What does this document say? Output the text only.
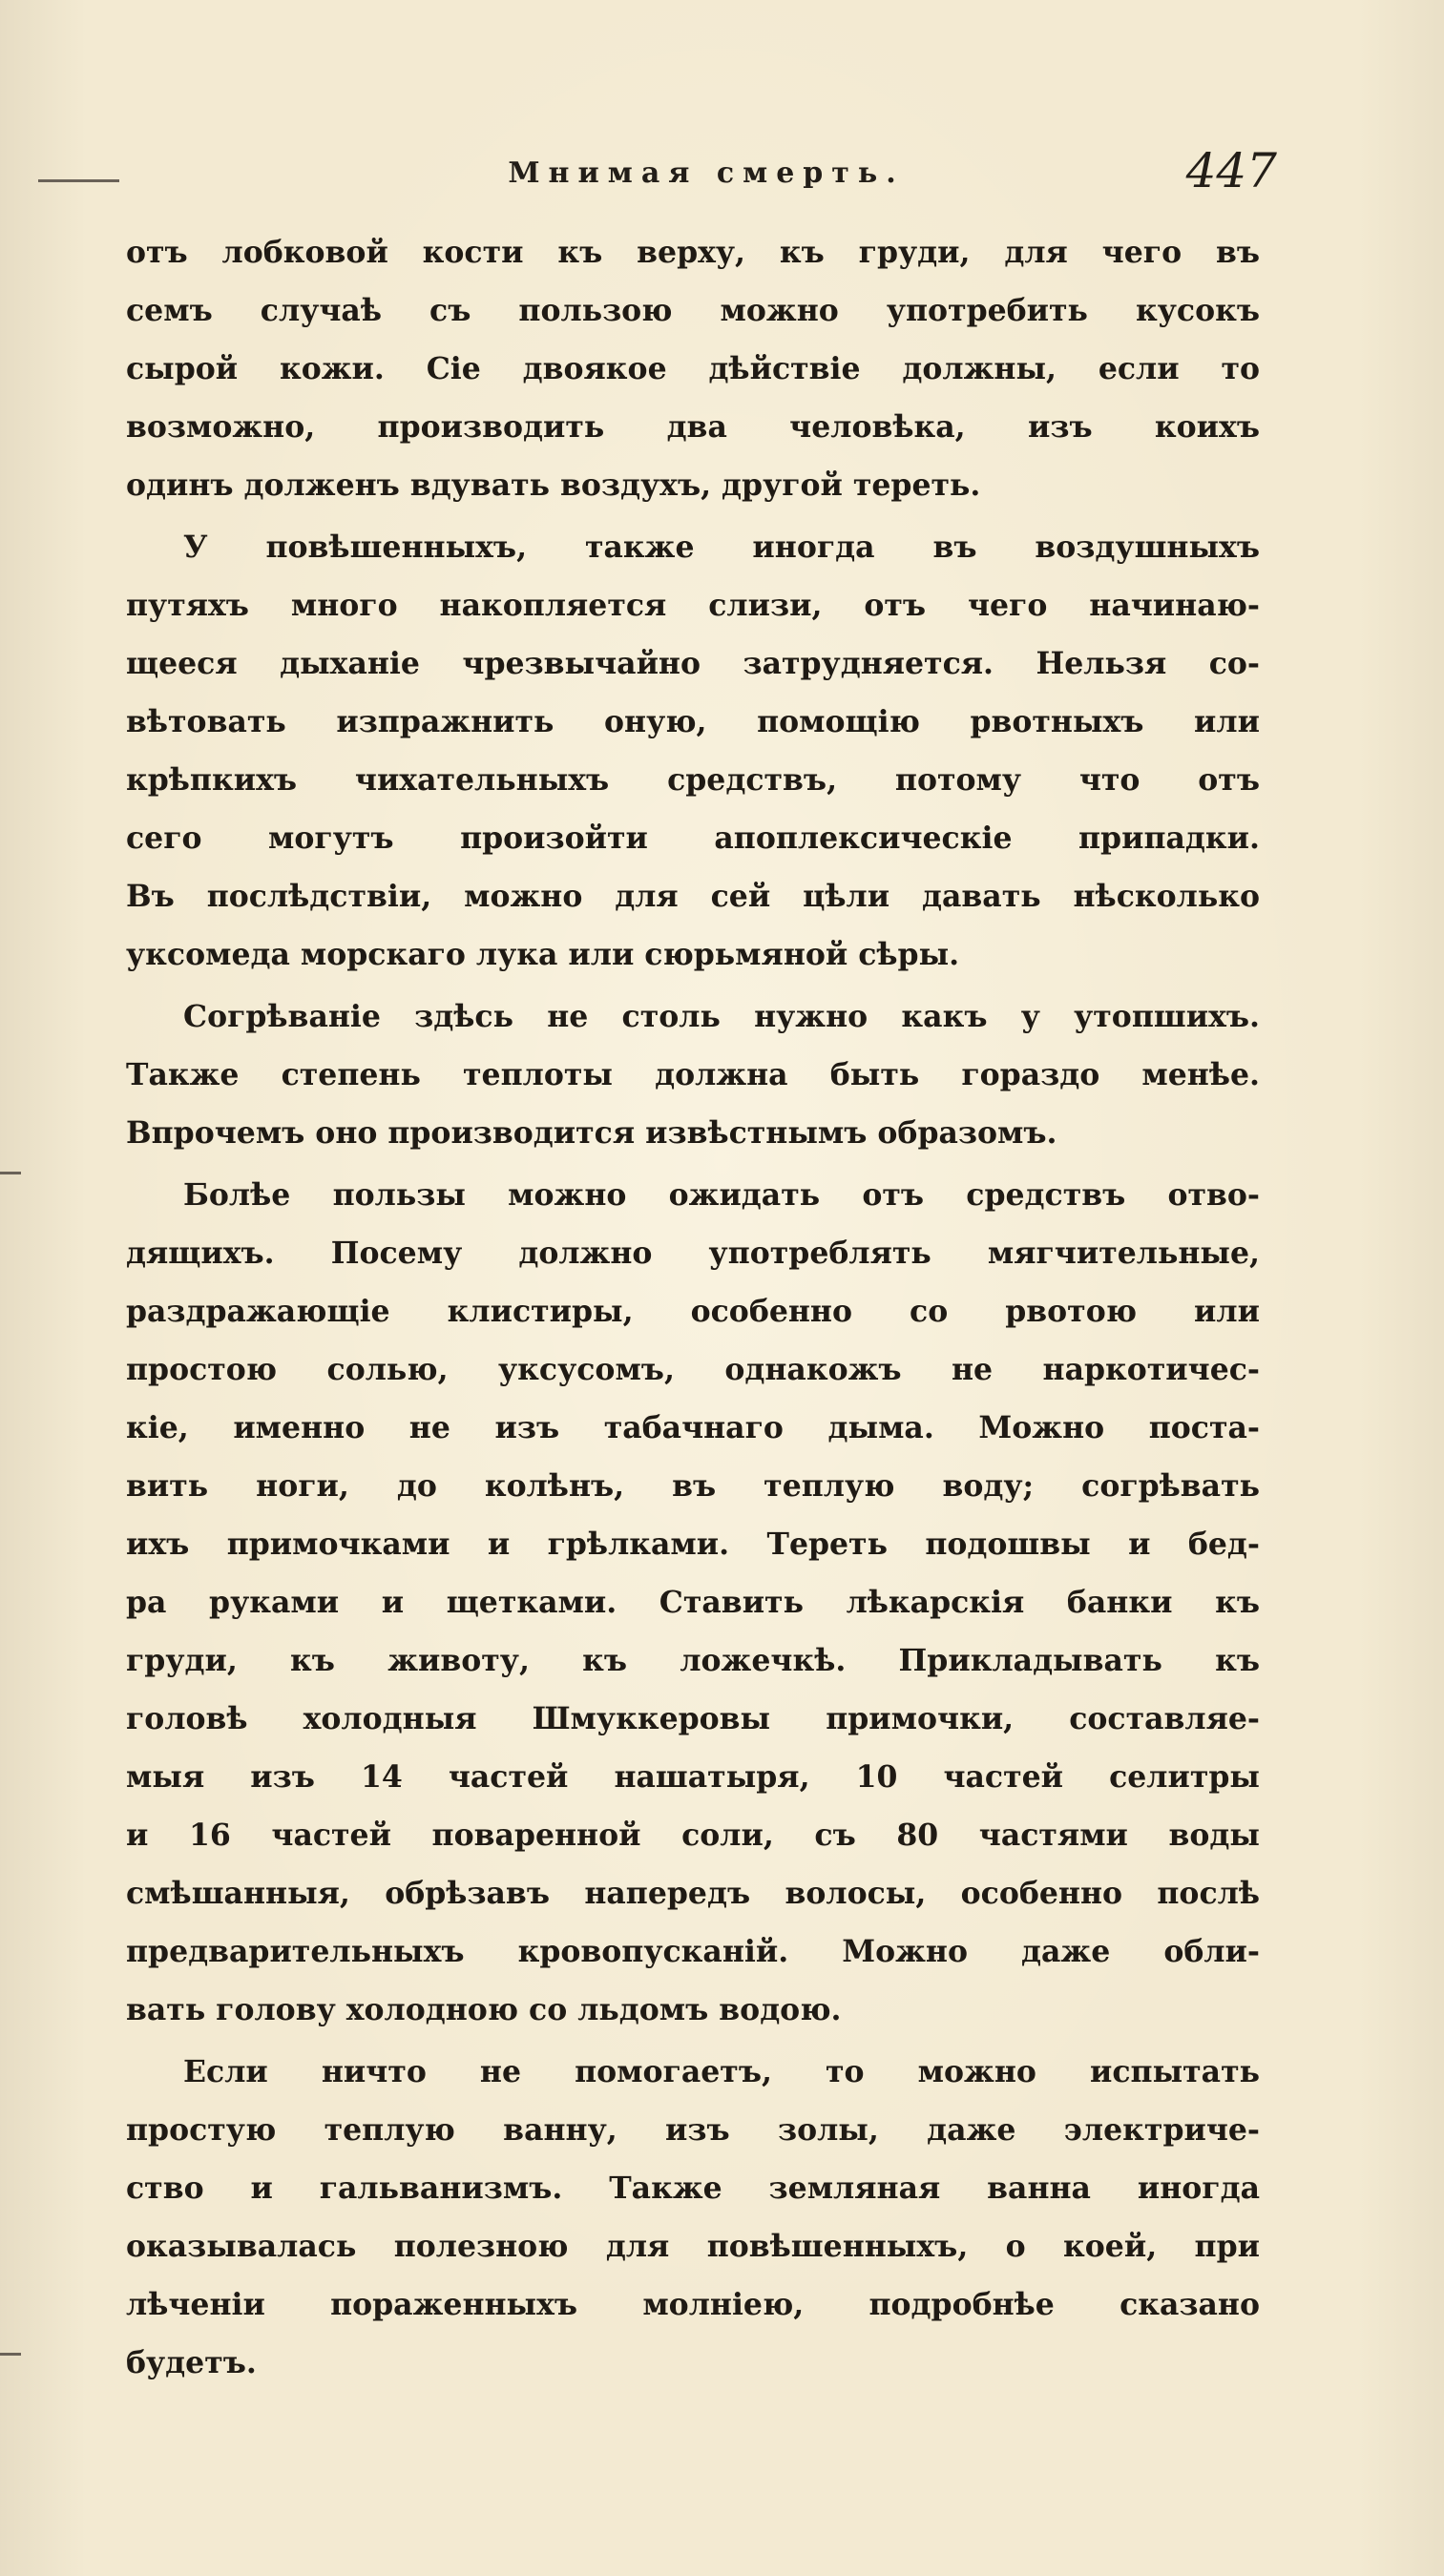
Мнимая смерть.	447
отъ лобковой кости къ верху, къ груди, для чего въ
семъ случаѣ съ пользою можно употребить кусокъ
сырой кожи. Сіе двоякое дѣйствіе должны, если то
возможно, производить два человѣка, изъ коихъ
одинъ долженъ вдувать воздухъ, другой тереть.
У повѣшенныхъ, также иногда въ воздушныхъ
путяхъ много накопляется слизи, отъ чего начинаю-
щееся дыханіе чрезвычайно затрудняется. Нельзя со-
вѣтовать изпражнить оную, помощію рвотныхъ или
крѣпкихъ чихательныхъ средствъ, потому что отъ
сего могутъ произойти апоплексическіе припадки.
Въ послѣдствіи, можно для сей цѣли давать нѣсколько
уксомеда морскаго лука или сюрьмяной сѣры.
Согрѣваніе здѣсь не столь нужно какъ у утопшихъ.
Также степень теплоты должна быть гораздо менѣе.
Впрочемъ оно производится извѣстнымъ образомъ.
Болѣе пользы можно ожидать отъ средствъ отво-
дящихъ. Посему должно употреблять мягчительные,
раздражающіе клистиры, особенно со рвотою или
простою солью, уксусомъ, однакожъ не наркотичес-
кіе, именно не изъ табачнаго дыма. Можно поста-
вить ноги, до колѣнъ, въ теплую воду; согрѣвать
ихъ примочками и грѣлками. Тереть подошвы и бед-
ра руками и щетками. Ставить лѣкарскія банки къ
груди, къ животу, къ ложечкѣ. Прикладывать къ
головѣ холодныя Шмуккеровы примочки, составляе-
мыя изъ 14 частей нашатыря, 10 частей селитры
и 16 частей поваренной соли, съ 80 частями воды
смѣшанныя, обрѣзавъ напередъ волосы, особенно послѣ
предварительныхъ кровопусканій. Можно даже обли-
вать голову холодною со льдомъ водою.
Если ничто не помогаетъ, то можно испытать
простую теплую ванну, изъ золы, даже электриче-
ство и гальванизмъ. Также земляная ванна иногда
оказывалась полезною для повѣшенныхъ, о коей, при
лѣченіи пораженныхъ молніею, подробнѣе сказано
будетъ.
